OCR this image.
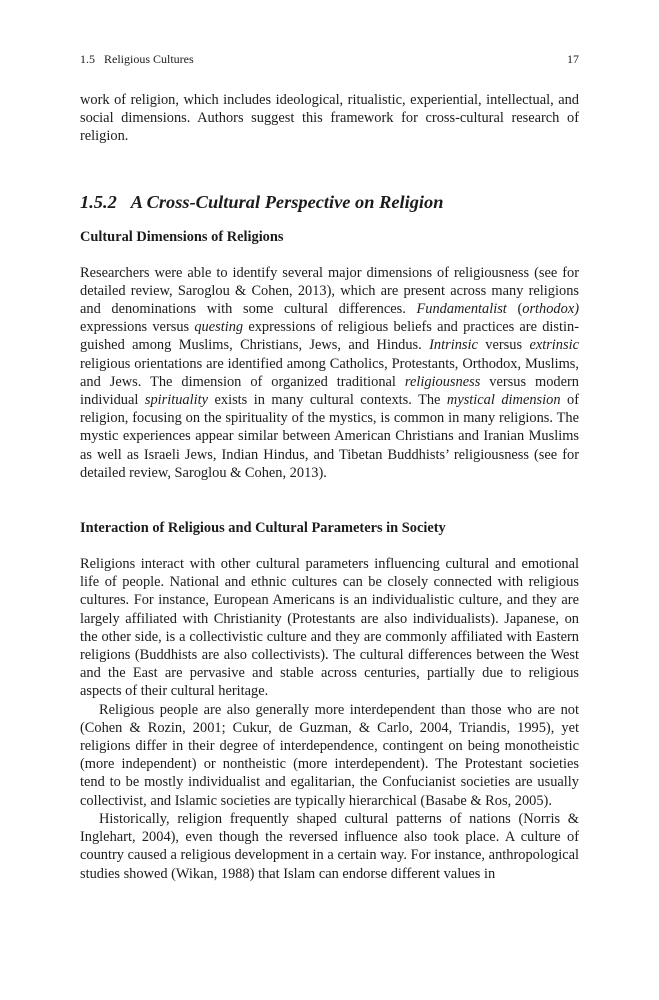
1.5   Religious Cultures	17

work of religion, which includes ideological, ritualistic, experiential, intellectual, and social dimensions. Authors suggest this framework for cross-cultural research of religion.

1.5.2 A Cross-Cultural Perspective on Religion
Cultural Dimensions of Religions

Researchers were able to identify several major dimensions of religiousness (see for detailed review, Saroglou & Cohen, 2013), which are present across many religions and denominations with some cultural differences. Fundamentalist (orthodox) expressions versus questing expressions of religious beliefs and practices are distinguished among Muslims, Christians, Jews, and Hindus. Intrinsic versus extrinsic religious orientations are identified among Catholics, Protestants, Orthodox, Muslims, and Jews. The dimension of organized traditional religiousness versus modern individual spirituality exists in many cultural contexts. The mystical dimension of religion, focusing on the spirituality of the mystics, is common in many religions. The mystic experiences appear similar between American Christians and Iranian Muslims as well as Israeli Jews, Indian Hindus, and Tibetan Buddhists’ religiousness (see for detailed review, Saroglou & Cohen, 2013).

Interaction of Religious and Cultural Parameters in Society

Religions interact with other cultural parameters influencing cultural and emotional life of people. National and ethnic cultures can be closely connected with religious cultures. For instance, European Americans is an individualistic culture, and they are largely affiliated with Christianity (Protestants are also individualists). Japanese, on the other side, is a collectivistic culture and they are commonly affiliated with Eastern religions (Buddhists are also collectivists). The cultural differences between the West and the East are pervasive and stable across centuries, partially due to religious aspects of their cultural heritage.

Religious people are also generally more interdependent than those who are not (Cohen & Rozin, 2001; Cukur, de Guzman, & Carlo, 2004, Triandis, 1995), yet religions differ in their degree of interdependence, contingent on being monotheistic (more independent) or nontheistic (more interdependent). The Protestant societies tend to be mostly individualist and egalitarian, the Confucianist societies are usually collectivist, and Islamic societies are typically hierarchical (Basabe & Ros, 2005).

Historically, religion frequently shaped cultural patterns of nations (Norris & Inglehart, 2004), even though the reversed influence also took place. A culture of country caused a religious development in a certain way. For instance, anthropological studies showed (Wikan, 1988) that Islam can endorse different values in
